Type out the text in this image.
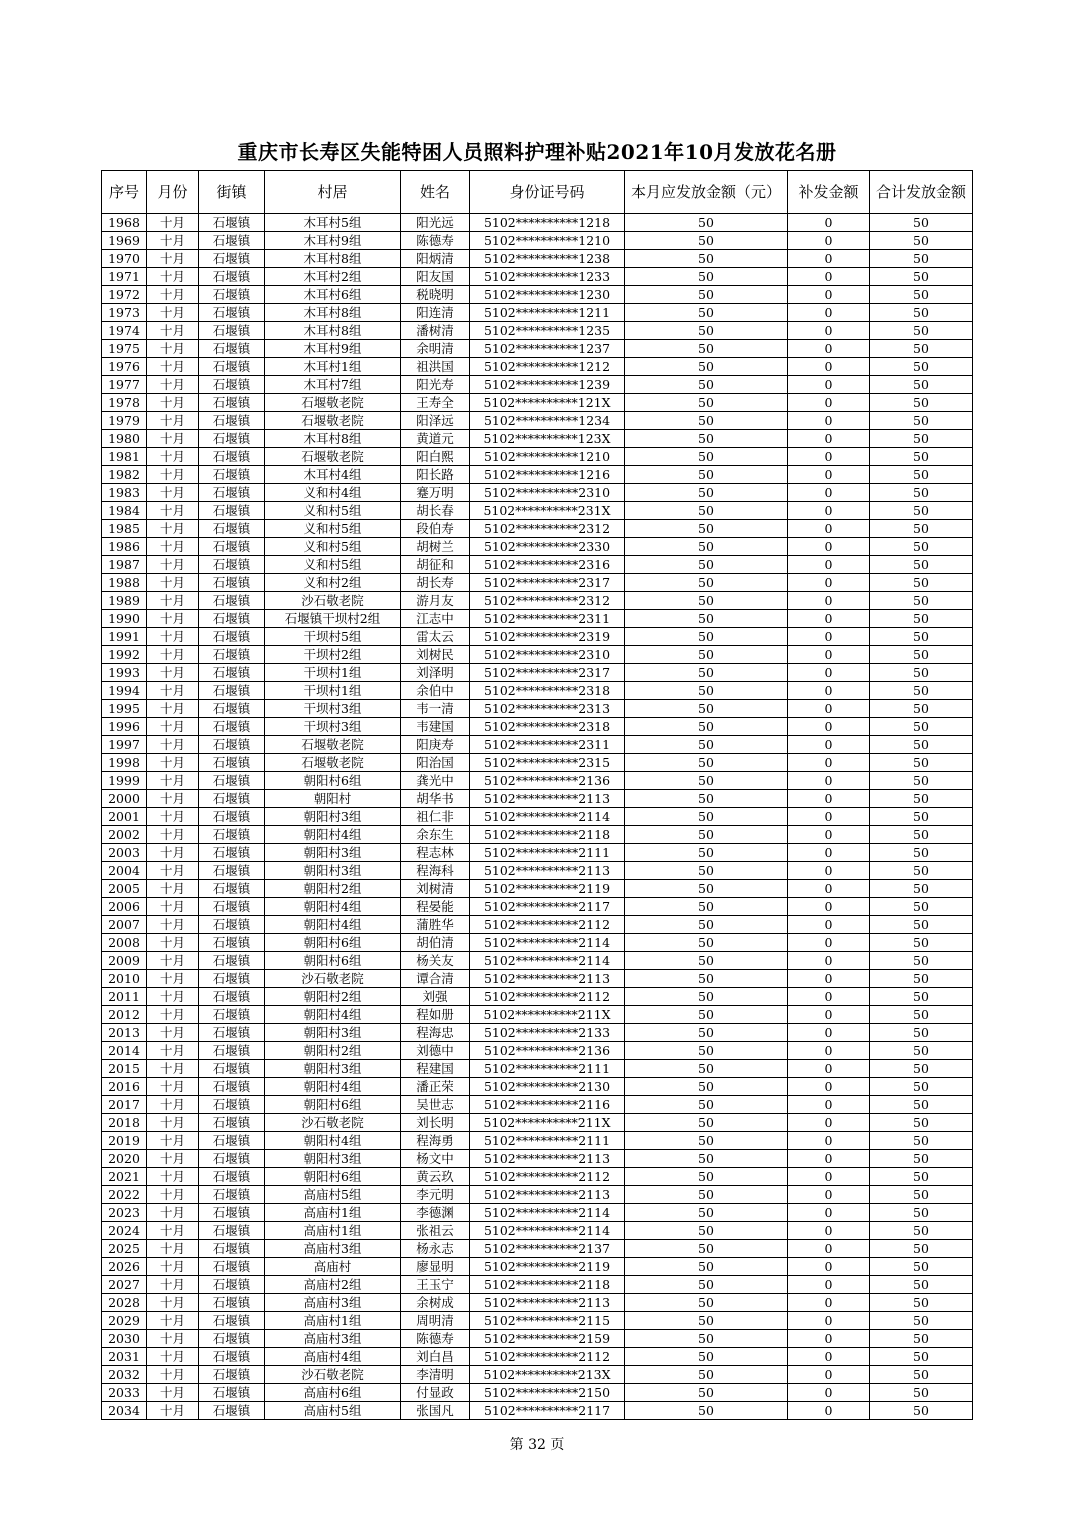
重庆市长寿区失能特困人员照料护理补贴2021年10月发放花名册
序号	月份	街镇	村居	姓名	身份证号码	本月应发放金额（元）	补发金额	合计发放金额
1968	十月	石堰镇	木耳村5组	阳光远	5102**********1218	50	0	50
1969	十月	石堰镇	木耳村9组	陈德寿	5102**********1210	50	0	50
1970	十月	石堰镇	木耳村8组	阳炳清	5102**********1238	50	0	50
1971	十月	石堰镇	木耳村2组	阳友国	5102**********1233	50	0	50
1972	十月	石堰镇	木耳村6组	税晓明	5102**********1230	50	0	50
1973	十月	石堰镇	木耳村8组	阳连清	5102**********1211	50	0	50
1974	十月	石堰镇	木耳村8组	潘树清	5102**********1235	50	0	50
1975	十月	石堰镇	木耳村9组	余明清	5102**********1237	50	0	50
1976	十月	石堰镇	木耳村1组	祖洪国	5102**********1212	50	0	50
1977	十月	石堰镇	木耳村7组	阳光寿	5102**********1239	50	0	50
1978	十月	石堰镇	石堰敬老院	王寿全	5102**********121X	50	0	50
1979	十月	石堰镇	石堰敬老院	阳泽远	5102**********1234	50	0	50
1980	十月	石堰镇	木耳村8组	黄道元	5102**********123X	50	0	50
1981	十月	石堰镇	石堰敬老院	阳白熙	5102**********1210	50	0	50
1982	十月	石堰镇	木耳村4组	阳长路	5102**********1216	50	0	50
1983	十月	石堰镇	义和村4组	蹇万明	5102**********2310	50	0	50
1984	十月	石堰镇	义和村5组	胡长春	5102**********231X	50	0	50
1985	十月	石堰镇	义和村5组	段伯寿	5102**********2312	50	0	50
1986	十月	石堰镇	义和村5组	胡树兰	5102**********2330	50	0	50
1987	十月	石堰镇	义和村5组	胡征和	5102**********2316	50	0	50
1988	十月	石堰镇	义和村2组	胡长寿	5102**********2317	50	0	50
1989	十月	石堰镇	沙石敬老院	游月友	5102**********2312	50	0	50
1990	十月	石堰镇	石堰镇干坝村2组	江志中	5102**********2311	50	0	50
1991	十月	石堰镇	干坝村5组	雷太云	5102**********2319	50	0	50
1992	十月	石堰镇	干坝村2组	刘树民	5102**********2310	50	0	50
1993	十月	石堰镇	干坝村1组	刘泽明	5102**********2317	50	0	50
1994	十月	石堰镇	干坝村1组	余伯中	5102**********2318	50	0	50
1995	十月	石堰镇	干坝村3组	韦一清	5102**********2313	50	0	50
1996	十月	石堰镇	干坝村3组	韦建国	5102**********2318	50	0	50
1997	十月	石堰镇	石堰敬老院	阳庚寿	5102**********2311	50	0	50
1998	十月	石堰镇	石堰敬老院	阳治国	5102**********2315	50	0	50
1999	十月	石堰镇	朝阳村6组	龚光中	5102**********2136	50	0	50
2000	十月	石堰镇	朝阳村	胡华书	5102**********2113	50	0	50
2001	十月	石堰镇	朝阳村3组	祖仁非	5102**********2114	50	0	50
2002	十月	石堰镇	朝阳村4组	余东生	5102**********2118	50	0	50
2003	十月	石堰镇	朝阳村3组	程志林	5102**********2111	50	0	50
2004	十月	石堰镇	朝阳村3组	程海科	5102**********2113	50	0	50
2005	十月	石堰镇	朝阳村2组	刘树清	5102**********2119	50	0	50
2006	十月	石堰镇	朝阳村4组	程晏能	5102**********2117	50	0	50
2007	十月	石堰镇	朝阳村4组	蒲胜华	5102**********2112	50	0	50
2008	十月	石堰镇	朝阳村6组	胡伯清	5102**********2114	50	0	50
2009	十月	石堰镇	朝阳村6组	杨关友	5102**********2114	50	0	50
2010	十月	石堰镇	沙石敬老院	谭合清	5102**********2113	50	0	50
2011	十月	石堰镇	朝阳村2组	刘强	5102**********2112	50	0	50
2012	十月	石堰镇	朝阳村4组	程如册	5102**********211X	50	0	50
2013	十月	石堰镇	朝阳村3组	程海忠	5102**********2133	50	0	50
2014	十月	石堰镇	朝阳村2组	刘德中	5102**********2136	50	0	50
2015	十月	石堰镇	朝阳村3组	程建国	5102**********2111	50	0	50
2016	十月	石堰镇	朝阳村4组	潘正荣	5102**********2130	50	0	50
2017	十月	石堰镇	朝阳村6组	吴世志	5102**********2116	50	0	50
2018	十月	石堰镇	沙石敬老院	刘长明	5102**********211X	50	0	50
2019	十月	石堰镇	朝阳村4组	程海勇	5102**********2111	50	0	50
2020	十月	石堰镇	朝阳村3组	杨文中	5102**********2113	50	0	50
2021	十月	石堰镇	朝阳村6组	黄云玖	5102**********2112	50	0	50
2022	十月	石堰镇	高庙村5组	李元明	5102**********2113	50	0	50
2023	十月	石堰镇	高庙村1组	李德渊	5102**********2114	50	0	50
2024	十月	石堰镇	高庙村1组	张祖云	5102**********2114	50	0	50
2025	十月	石堰镇	高庙村3组	杨永志	5102**********2137	50	0	50
2026	十月	石堰镇	高庙村	廖显明	5102**********2119	50	0	50
2027	十月	石堰镇	高庙村2组	王玉宁	5102**********2118	50	0	50
2028	十月	石堰镇	高庙村3组	余树成	5102**********2113	50	0	50
2029	十月	石堰镇	高庙村1组	周明清	5102**********2115	50	0	50
2030	十月	石堰镇	高庙村3组	陈德寿	5102**********2159	50	0	50
2031	十月	石堰镇	高庙村4组	刘白昌	5102**********2112	50	0	50
2032	十月	石堰镇	沙石敬老院	李清明	5102**********213X	50	0	50
2033	十月	石堰镇	高庙村6组	付显政	5102**********2150	50	0	50
2034	十月	石堰镇	高庙村5组	张国凡	5102**********2117	50	0	50
第 32 页
